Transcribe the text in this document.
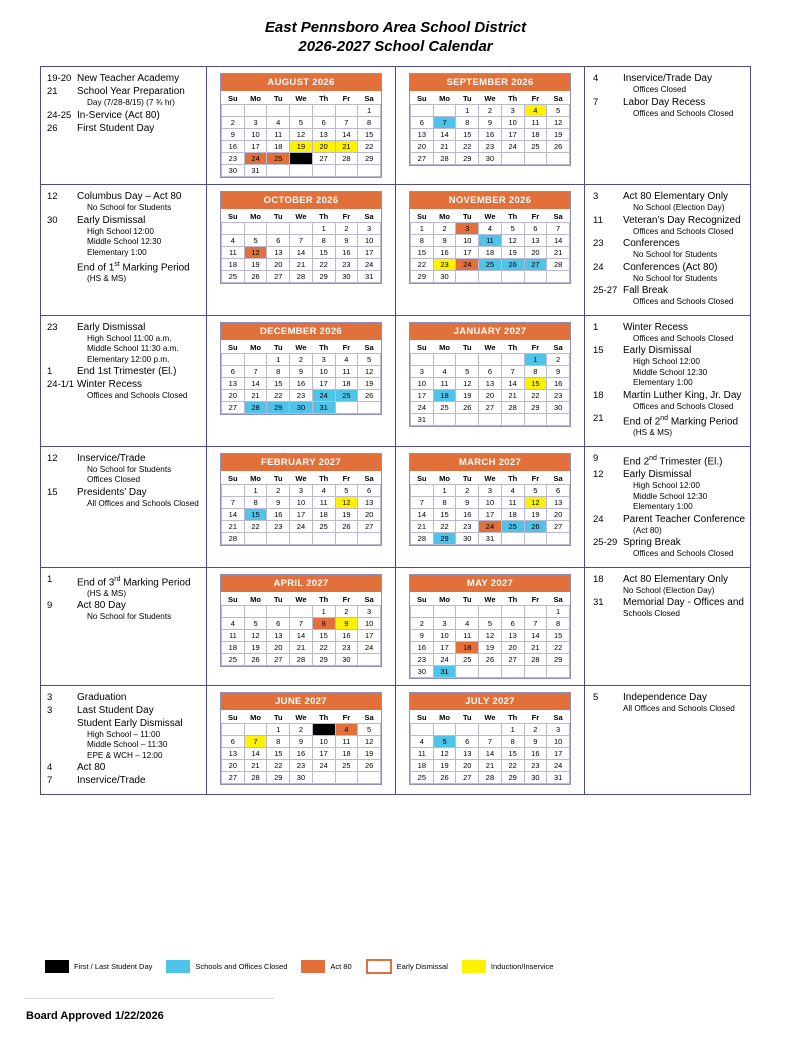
East Pennsboro Area School District
2026-2027 School Calendar
19-20 New Teacher Academy
21	School Year Preparation
Day (7/28-8/15) (7 ¾ hr)
24-25 In-Service (Act 80)
26	First Student Day

AUGUST 2026
Su	Mo	Tu	We	Th	Fr	Sa
						1
2	3	4	5	6	7	8
9	10	11	12	13	14	15
16	17	18	19	20	21	22
23	24	25	26	27	28	29
30	31					

SEPTEMBER 2026
Su	Mo	Tu	We	Th	Fr	Sa
		1	2	3	4	5
6	7	8	9	10	11	12
13	14	15	16	17	18	19
20	21	22	23	24	25	26
27	28	29	30			

4	Inservice/Trade Day
Offices Closed
7	Labor Day Recess
Offices and Schools Closed

12	Columbus Day – Act 80
No School for Students
30	Early Dismissal
High School 12:00
Middle School 12:30
Elementary 1:00
End of 1st Marking Period
(HS & MS)

OCTOBER 2026
Su	Mo	Tu	We	Th	Fr	Sa
				1	2	3
4	5	6	7	8	9	10
11	12	13	14	15	16	17
18	19	20	21	22	23	24
25	26	27	28	29	30	31

NOVEMBER 2026
Su	Mo	Tu	We	Th	Fr	Sa
1	2	3	4	5	6	7
8	9	10	11	12	13	14
15	16	17	18	19	20	21
22	23	24	25	26	27	28
29	30					

3	Act 80 Elementary Only
No School (Election Day)
11	Veteran’s Day Recognized
Offices and Schools Closed
23	Conferences
No School for Students
24	Conferences (Act 80)
No School for Students
25-27 Fall Break
Offices and Schools Closed

23	Early Dismissal
High School 11:00 a.m.
Middle School 11:30 a.m.
Elementary 12:00 p.m.
1	End 1st Trimester (El.)
24-1/1 Winter Recess
Offices and Schools Closed

DECEMBER 2026
Su	Mo	Tu	We	Th	Fr	Sa
		1	2	3	4	5
6	7	8	9	10	11	12
13	14	15	16	17	18	19
20	21	22	23	24	25	26
27	28	29	30	31		

JANUARY 2027
Su	Mo	Tu	We	Th	Fr	Sa
					1	2
3	4	5	6	7	8	9
10	11	12	13	14	15	16
17	18	19	20	21	22	23
24	25	26	27	28	29	30
31						

1	Winter Recess
Offices and Schools Closed
15	Early Dismissal
High School 12:00
Middle School 12:30
Elementary 1:00
18	Martin Luther King, Jr. Day
Offices and Schools Closed
21	End of 2nd Marking Period
(HS & MS)

12	Inservice/Trade
No School for Students
Offices Closed
15	Presidents’ Day
All Offices and Schools Closed

FEBRUARY 2027
Su	Mo	Tu	We	Th	Fr	Sa
	1	2	3	4	5	6
7	8	9	10	11	12	13
14	15	16	17	18	19	20
21	22	23	24	25	26	27
28						

MARCH 2027
Su	Mo	Tu	We	Th	Fr	Sa
	1	2	3	4	5	6
7	8	9	10	11	12	13
14	15	16	17	18	19	20
21	22	23	24	25	26	27
28	29	30	31			

9	End 2nd Trimester (El.)
12	Early Dismissal
High School 12:00
Middle School 12:30
Elementary 1:00
24	Parent Teacher Conference
(Act 80)
25-29 Spring Break
Offices and Schools Closed

1	End of 3rd Marking Period
(HS & MS)
9	Act 80 Day
No School for Students

APRIL 2027
Su	Mo	Tu	We	Th	Fr	Sa
				1	2	3
4	5	6	7	8	9	10
11	12	13	14	15	16	17
18	19	20	21	22	23	24
25	26	27	28	29	30	

MAY 2027
Su	Mo	Tu	We	Th	Fr	Sa
						1
2	3	4	5	6	7	8
9	10	11	12	13	14	15
16	17	18	19	20	21	22
23	24	25	26	27	28	29
30	31					

18	Act 80 Elementary Only
No School (Election Day)
31	Memorial Day - Offices and
Schools Closed

3	Graduation
3	Last Student Day
Student Early Dismissal
High School – 11:00
Middle School – 11:30
EPE & WCH – 12:00
4	Act 80
7	Inservice/Trade

JUNE 2027
Su	Mo	Tu	We	Th	Fr	Sa
		1	2	3	4	5
6	7	8	9	10	11	12
13	14	15	16	17	18	19
20	21	22	23	24	25	26
27	28	29	30			

JULY 2027
Su	Mo	Tu	We	Th	Fr	Sa
				1	2	3
4	5	6	7	8	9	10
11	12	13	14	15	16	17
18	19	20	21	22	23	24
25	26	27	28	29	30	31

5	Independence Day
All Offices and Schools Closed
First / Last Student Day	Schools and Offices Closed	Act 80	Early Dismissal	Induction/Inservice
Board Approved 1/22/2026
